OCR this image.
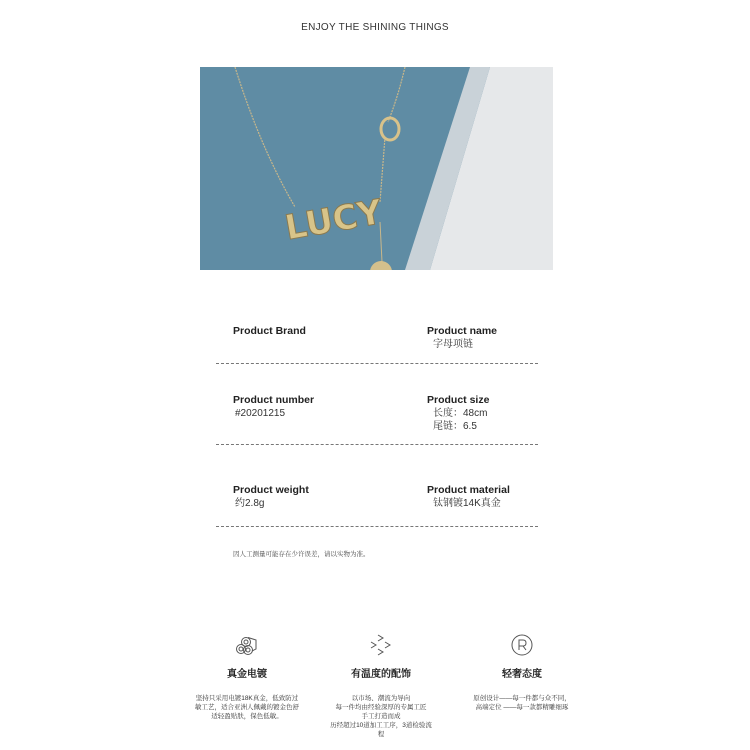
ENJOY THE SHINING THINGS
LUCY
Product Brand	Product name
字母项链
Product number
#20201215
Product size
长度：48cm
尾链：6.5
Product weight
约2.8g
Product material
钛钢镀14K真金
因人工测量可能存在少许误差，请以实物为准。
真金电镀

坚持只采用电镀18K真金，低致防过
敏工艺，适合亚洲人佩戴的镀金色舒
适轻盈贴肤，保色低敏。

有温度的配饰

以市场、潮流为导向
每一件均由经验深厚的专属工匠
手工打造而成
历经超过10道加工工序，3道检验流
程

轻奢态度

原创设计——每一件都与众不同，
高端定位 ——每一款都精雕细琢
